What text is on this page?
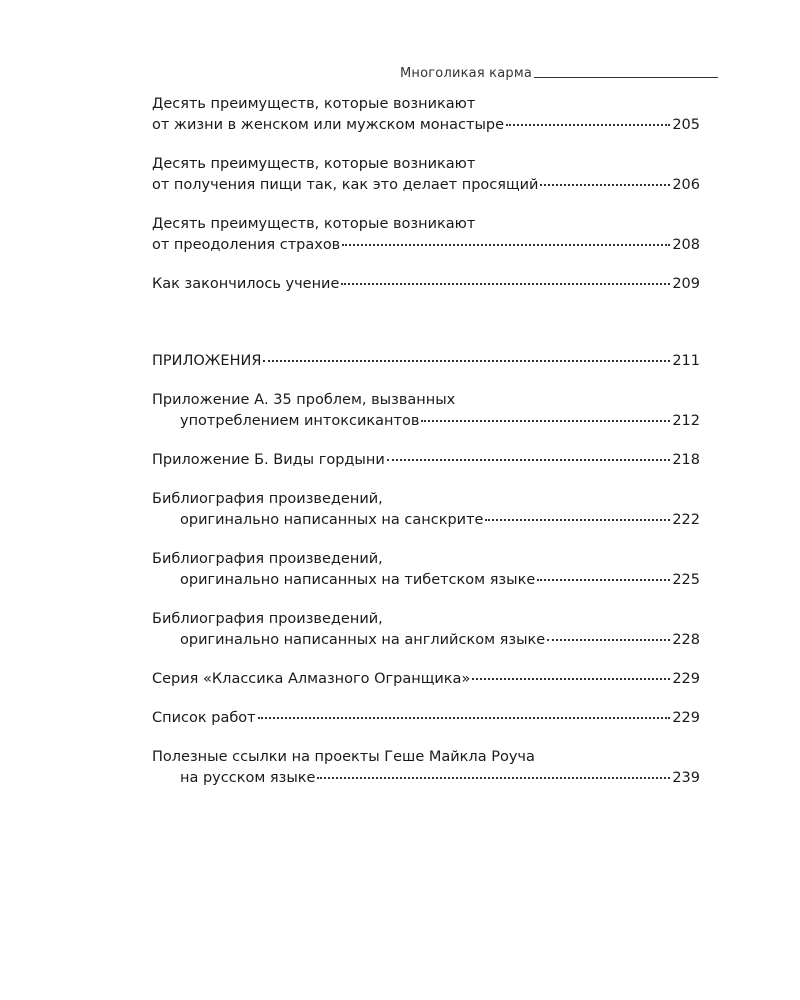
Многоликая карма
Десять преимуществ, которые возникают
от жизни в женском или мужском монастыре	205
Десять преимуществ, которые возникают
от получения пищи так, как это делает просящий	206
Десять преимуществ, которые возникают
от преодоления страхов	208
Как закончилось учение	209
ПРИЛОЖЕНИЯ	211
Приложение А. 35 проблем, вызванных
употреблением интоксикантов	212
Приложение Б. Виды гордыни	218
Библиография произведений,
оригинально написанных на санскрите	222
Библиография произведений,
оригинально написанных на тибетском языке	225
Библиография произведений,
оригинально написанных на английском языке	228
Серия «Классика Алмазного Огранщика»	229
Список работ	229
Полезные ссылки на проекты Геше Майкла Роуча
на русском языке	239
